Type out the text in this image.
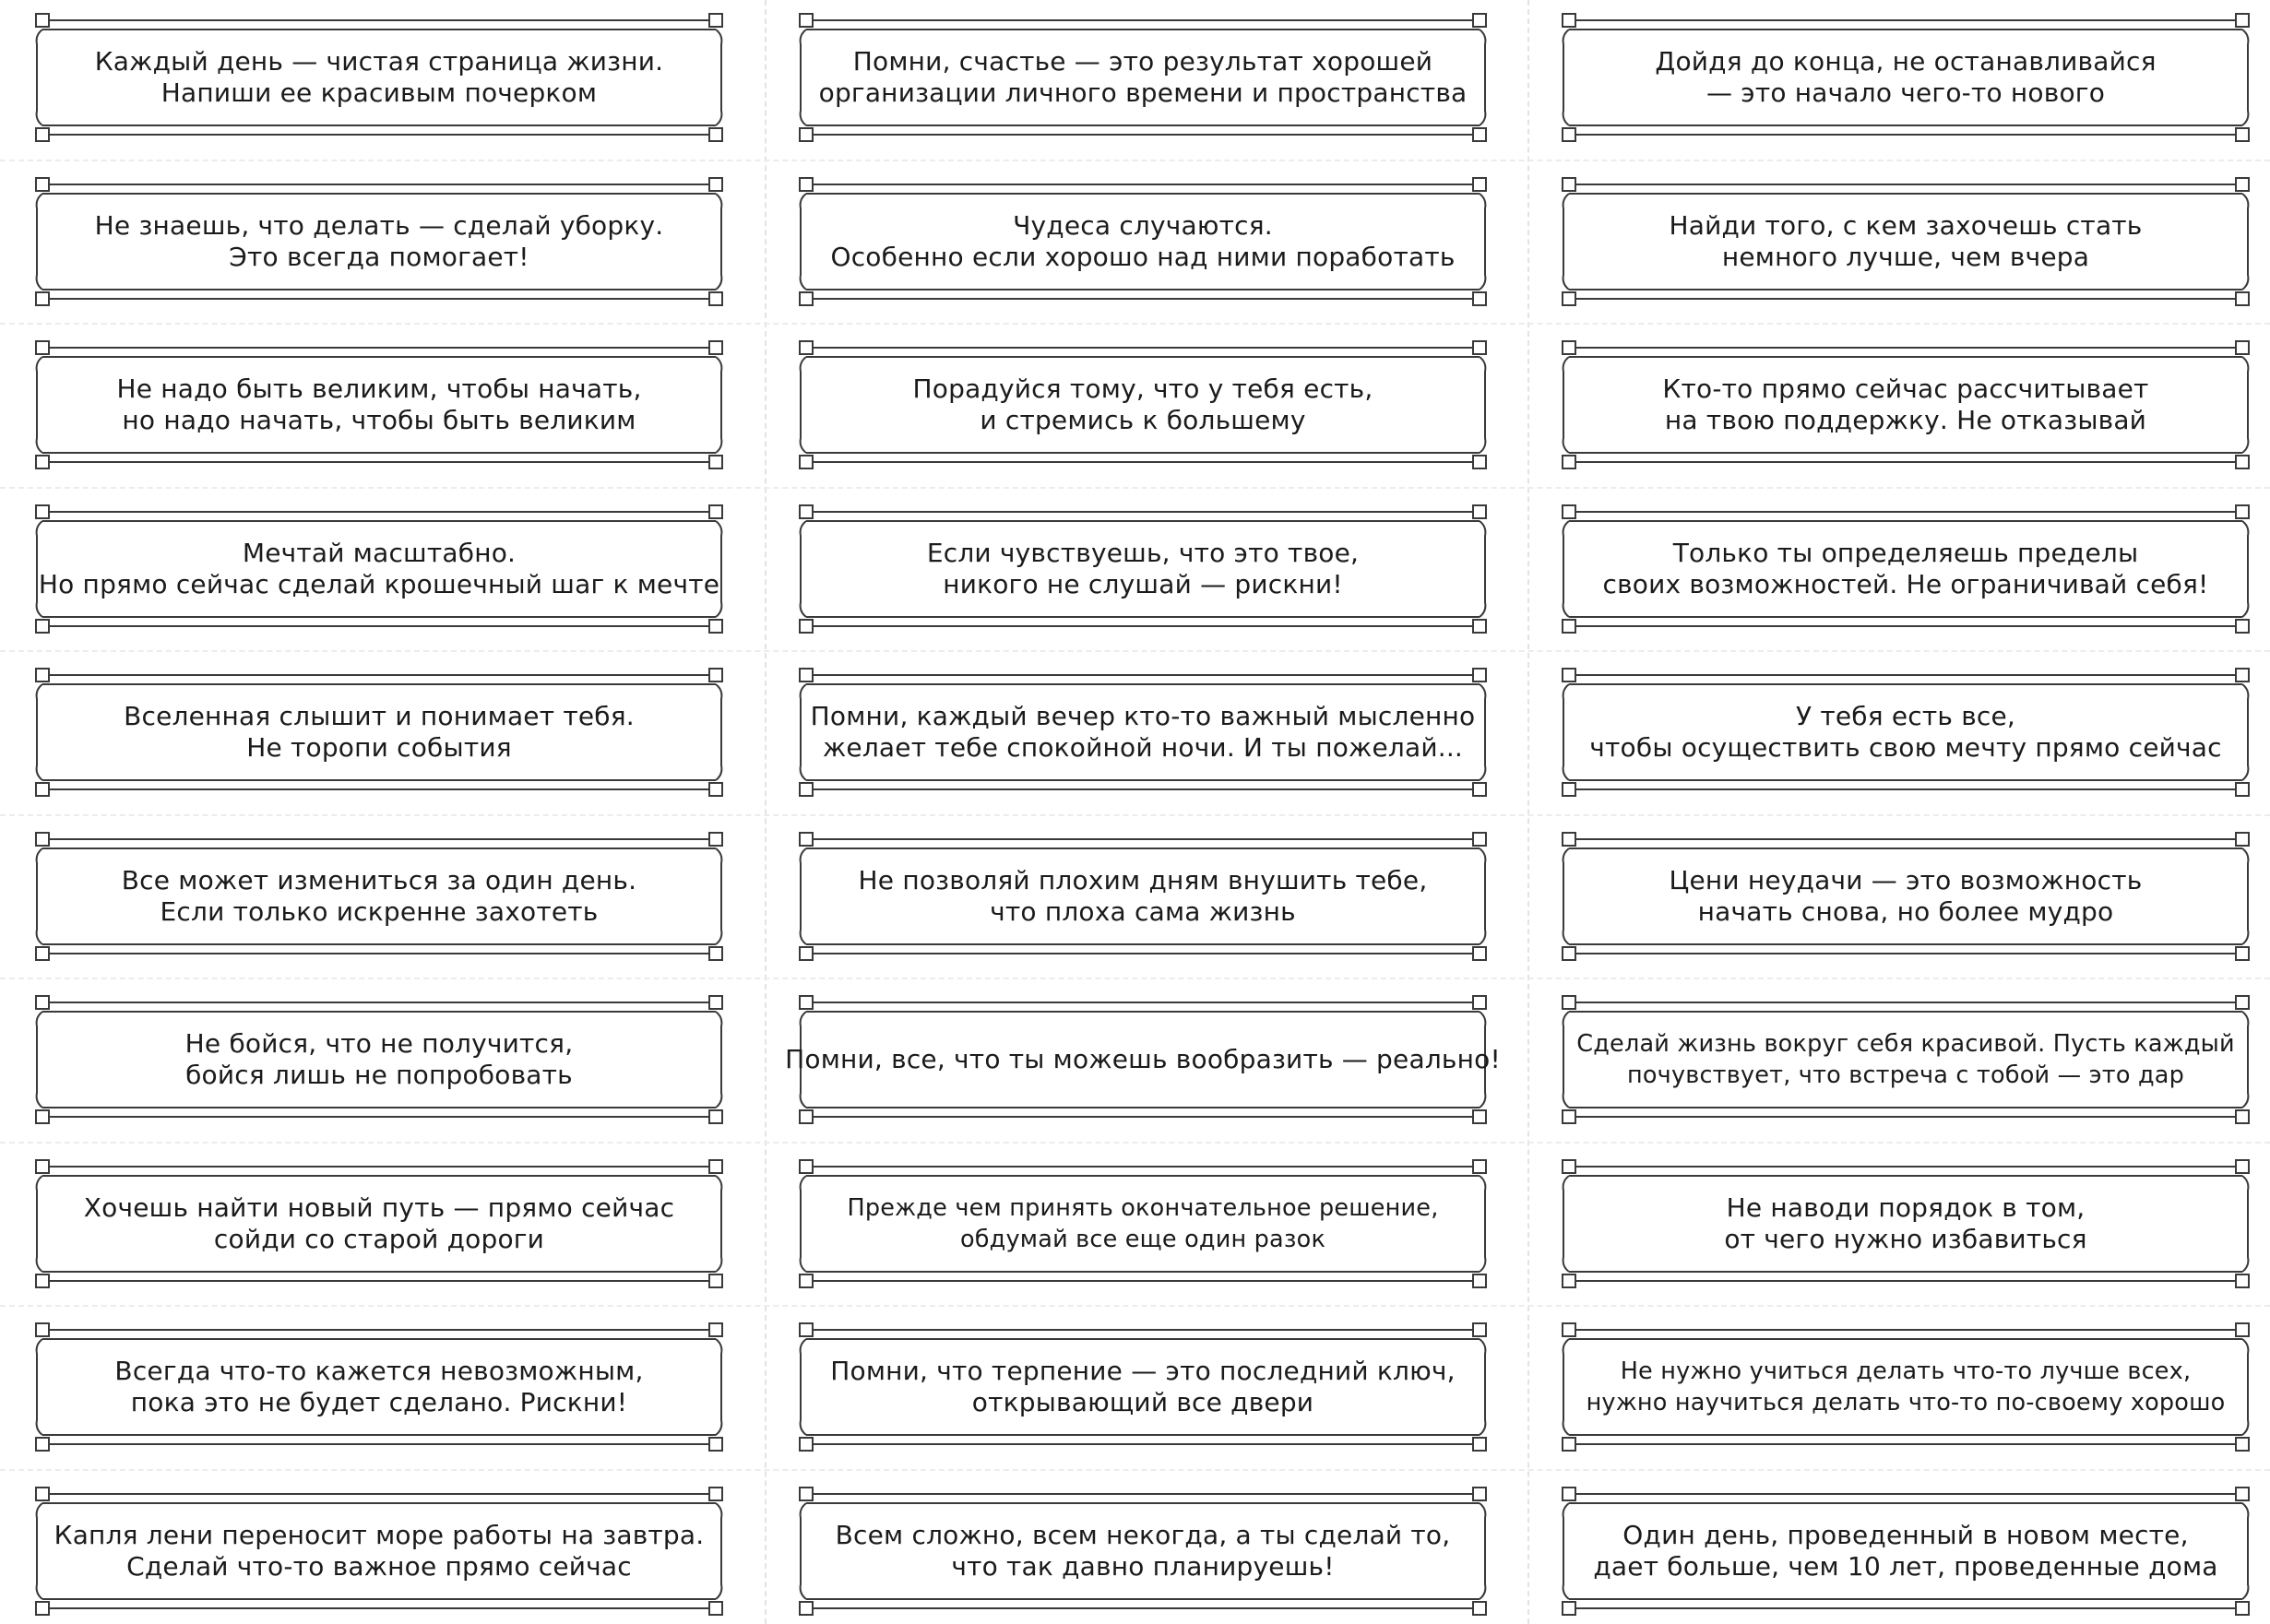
Каждый день — чистая страница жизни.
Напиши ее красивым почерком
Не знаешь, что делать — сделай уборку.
Это всегда помогает!
Не надо быть великим, чтобы начать,
но надо начать, чтобы быть великим
Мечтай масштабно.
Но прямо сейчас сделай крошечный шаг к мечте
Вселенная слышит и понимает тебя.
Не торопи события
Все может измениться за один день.
Если только искренне захотеть
Не бойся, что не получится,
бойся лишь не попробовать
Хочешь найти новый путь — прямо сейчас
сойди со старой дороги
Всегда что-то кажется невозможным,
пока это не будет сделано. Рискни!
Капля лени переносит море работы на завтра.
Сделай что-то важное прямо сейчас
Помни, счастье — это результат хорошей
организации личного времени и пространства
Чудеса случаются.
Особенно если хорошо над ними поработать
Порадуйся тому, что у тебя есть,
и стремись к большему
Если чувствуешь, что это твое,
никого не слушай — рискни!
Помни, каждый вечер кто-то важный мысленно
желает тебе спокойной ночи. И ты пожелай...
Не позволяй плохим дням внушить тебе,
что плоха сама жизнь
Помни, все, что ты можешь вообразить — реально!
Прежде чем принять окончательное решение,
обдумай все еще один разок
Помни, что терпение — это последний ключ,
открывающий все двери
Всем сложно, всем некогда, а ты сделай то,
что так давно планируешь!
Дойдя до конца, не останавливайся
— это начало чего-то нового
Найди того, с кем захочешь стать
немного лучше, чем вчера
Кто-то прямо сейчас рассчитывает
на твою поддержку. Не отказывай
Только ты определяешь пределы
своих возможностей. Не ограничивай себя!
У тебя есть все,
чтобы осуществить свою мечту прямо сейчас
Цени неудачи — это возможность
начать снова, но более мудро
Сделай жизнь вокруг себя красивой. Пусть каждый
почувствует, что встреча с тобой — это дар
Не наводи порядок в том,
от чего нужно избавиться
Не нужно учиться делать что-то лучше всех,
нужно научиться делать что-то по-своему хорошо
Один день, проведенный в новом месте,
дает больше, чем 10 лет, проведенные дома
